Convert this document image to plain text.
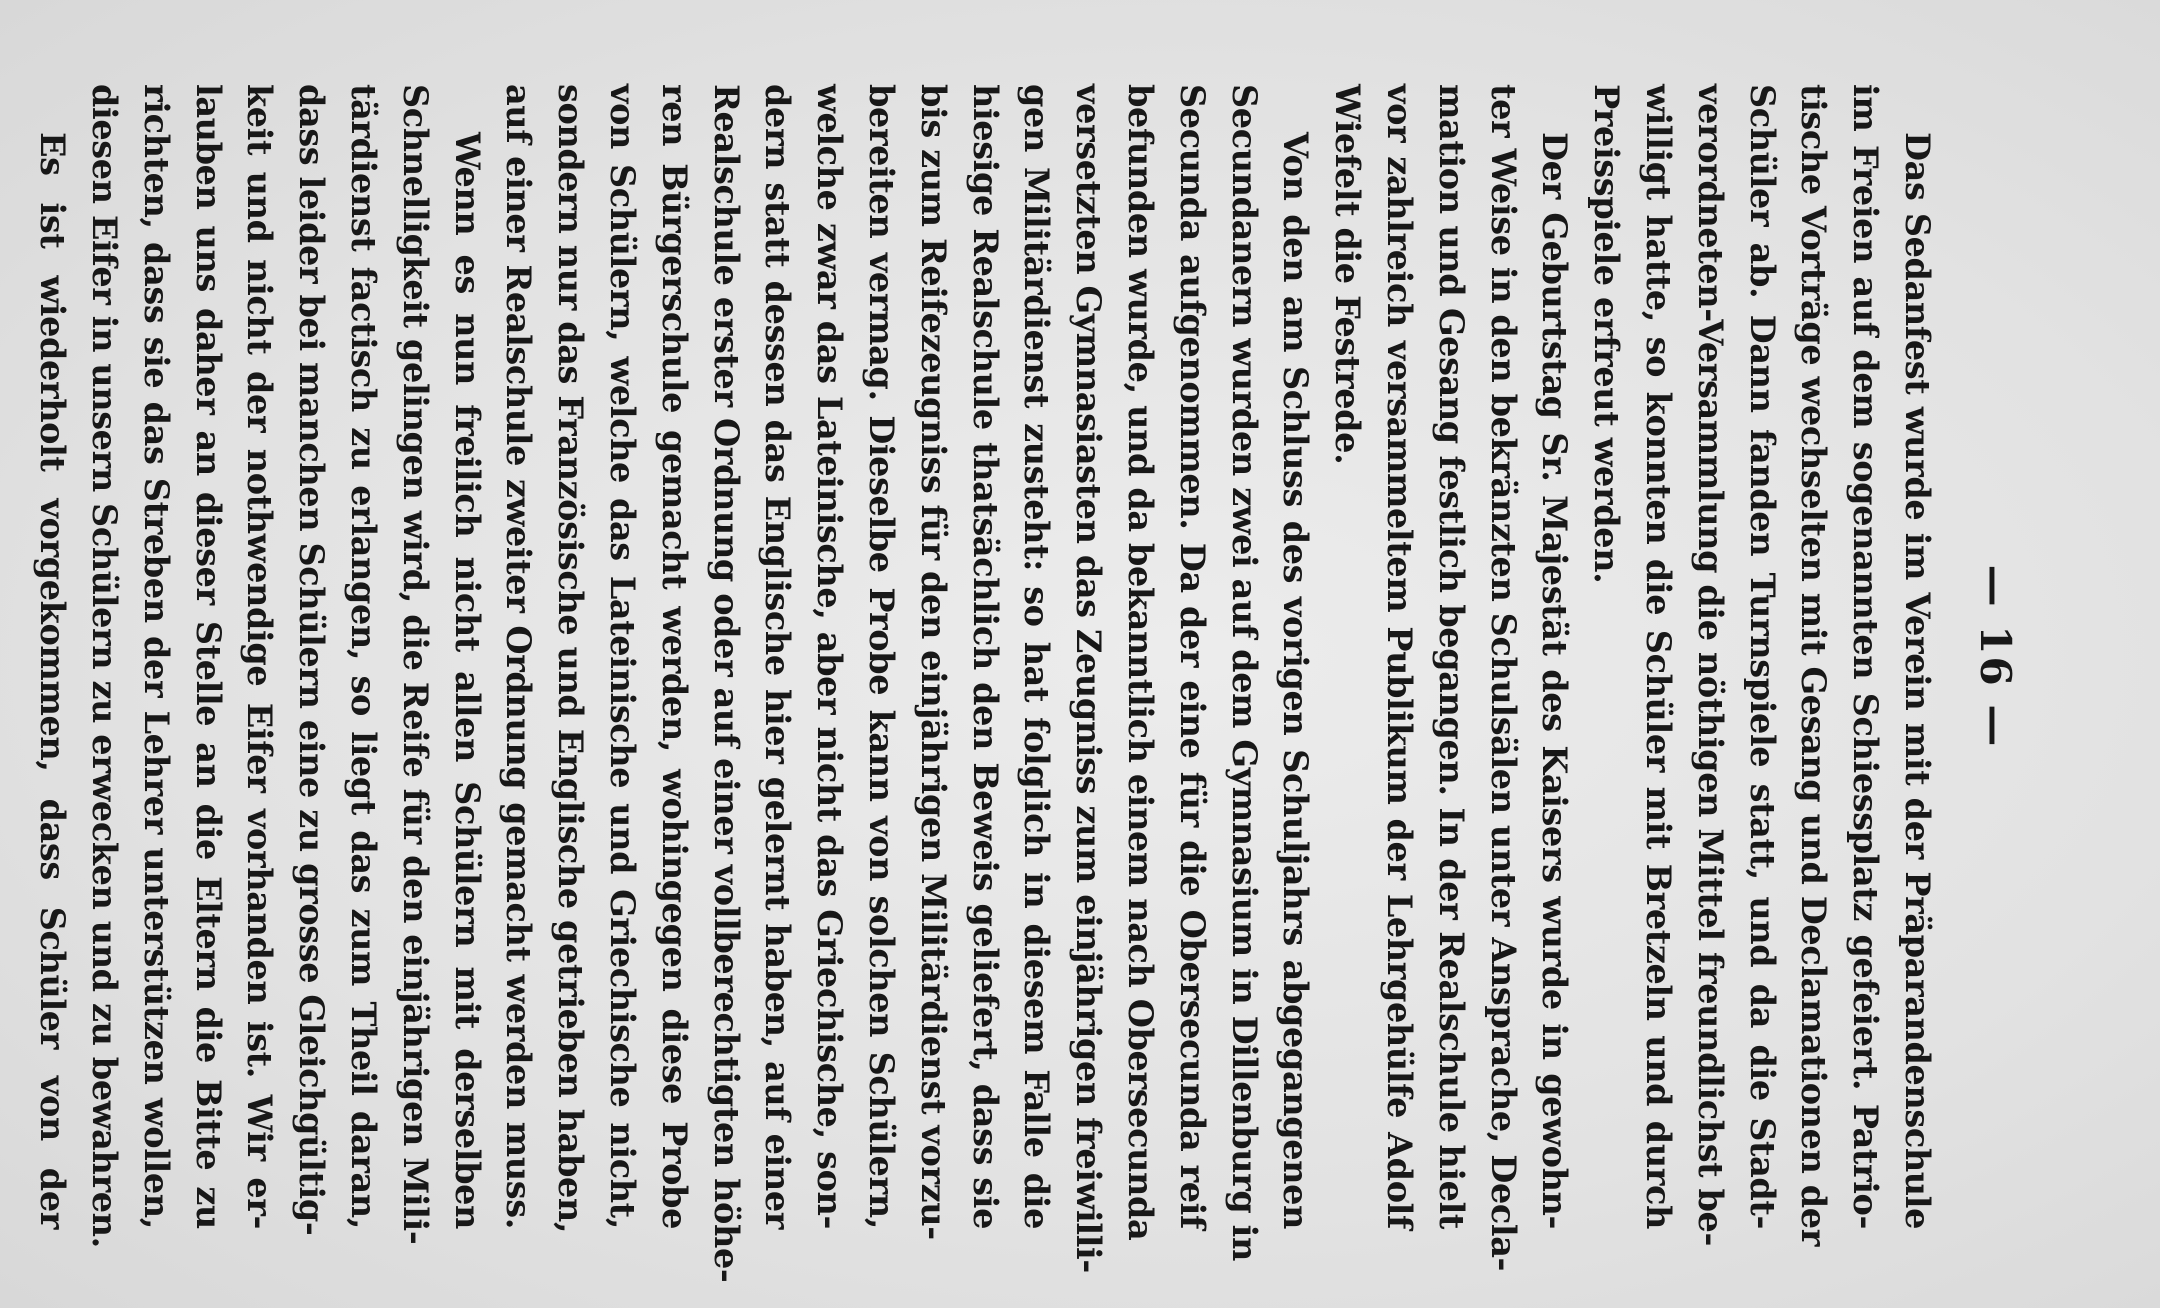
— 16 —
Das Sedanfest wurde im Verein mit der Präparandenschule
im Freien auf dem sogenannten Schiessplatz gefeiert. Patrio-
tische Vorträge wechselten mit Gesang und Declamationen der
Schüler ab. Dann fanden Turnspiele statt, und da die Stadt-
verordneten-Versammlung die nöthigen Mittel freundlichst be-
willigt hatte, so konnten die Schüler mit Bretzeln und durch
Preisspiele erfreut werden.
Der Geburtstag Sr. Majestät des Kaisers wurde in gewohn-
ter Weise in den bekränzten Schulsälen unter Ansprache, Decla-
mation und Gesang festlich begangen. In der Realschule hielt
vor zahlreich versammeltem Publikum der Lehrgehülfe Adolf
Wiefelt die Festrede.
Von den am Schluss des vorigen Schuljahrs abgegangenen
Secundanern wurden zwei auf dem Gymnasium in Dillenburg in
Secunda aufgenommen. Da der eine für die Obersecunda reif
befunden wurde, und da bekanntlich einem nach Obersecunda
versetzten Gymnasiasten das Zeugniss zum einjährigen freiwilli-
gen Militärdienst zusteht: so hat folglich in diesem Falle die
hiesige Realschule thatsächlich den Beweis geliefert, dass sie
bis zum Reifezeugniss für den einjährigen Militärdienst vorzu-
bereiten vermag. Dieselbe Probe kann von solchen Schülern,
welche zwar das Lateinische, aber nicht das Griechische, son-
dern statt dessen das Englische hier gelernt haben, auf einer
Realschule erster Ordnung oder auf einer vollberechtigten höhe-
ren Bürgerschule gemacht werden, wohingegen diese Probe
von Schülern, welche das Lateinische und Griechische nicht,
sondern nur das Französische und Englische getrieben haben,
auf einer Realschule zweiter Ordnung gemacht werden muss.
Wenn es nun freilich nicht allen Schülern mit derselben
Schnelligkeit gelingen wird, die Reife für den einjährigen Mili-
tärdienst factisch zu erlangen, so liegt das zum Theil daran,
dass leider bei manchen Schülern eine zu grosse Gleichgültig-
keit und nicht der nothwendige Eifer vorhanden ist. Wir er-
lauben uns daher an dieser Stelle an die Eltern die Bitte zu
richten, dass sie das Streben der Lehrer unterstützen wollen,
diesen Eifer in unsern Schülern zu erwecken und zu bewahren.
Es ist wiederholt vorgekommen, dass Schüler von der
